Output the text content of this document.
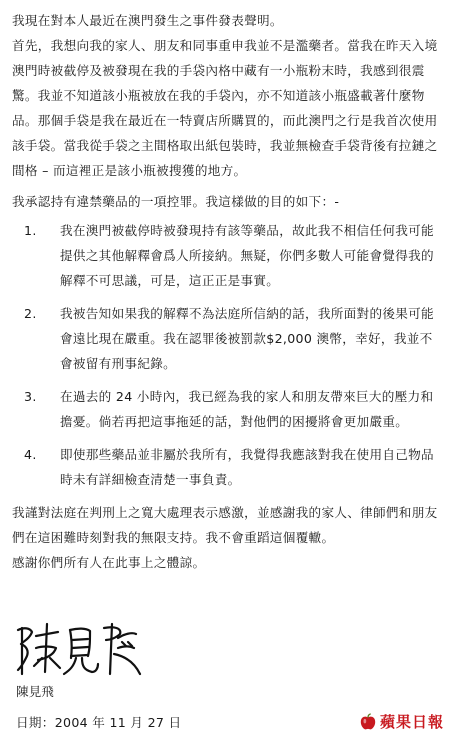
我現在對本人最近在澳門發生之事件發表聲明。

首先，我想向我的家人、朋友和同事重申我並不是濫藥者。當我在昨天入境澳門時被截停及被發現在我的手袋內格中藏有一小瓶粉末時，我感到很震驚。我並不知道該小瓶被放在我的手袋內，亦不知道該小瓶盛載著什麼物品。那個手袋是我在最近在一特賣店所購買的，而此澳門之行是我首次使用該手袋。當我從手袋之主間格取出紙包裝時，我並無檢查手袋背後有拉鏈之間格 – 而這裡正是該小瓶被搜獲的地方。

我承認持有違禁藥品的一項控罪。我這樣做的目的如下：-

1.	我在澳門被截停時被發現持有該等藥品，故此我不相信任何我可能提供之其他解釋會爲人所接納。無疑，你們多數人可能會覺得我的解釋不可思議，可是，這正正是事實。
2.	我被告知如果我的解釋不為法庭所信納的話，我所面對的後果可能會遠比現在嚴重。我在認罪後被罰款$2,000 澳幣，幸好，我並不會被留有刑事紀錄。
3.	在過去的 24 小時內，我已經為我的家人和朋友帶來巨大的壓力和擔憂。倘若再把這事拖延的話，對他們的困擾將會更加嚴重。
4.	即使那些藥品並非屬於我所有，我覺得我應該對我在使用自己物品時未有詳細檢查清楚一事負責。

我謹對法庭在判刑上之寬大處理表示感激，並感謝我的家人、律師們和朋友們在這困難時刻對我的無限支持。我不會重蹈這個覆轍。

感謝你們所有人在此事上之體諒。

陳見飛
日期：2004 年 11 月 27 日	蘋果日報
